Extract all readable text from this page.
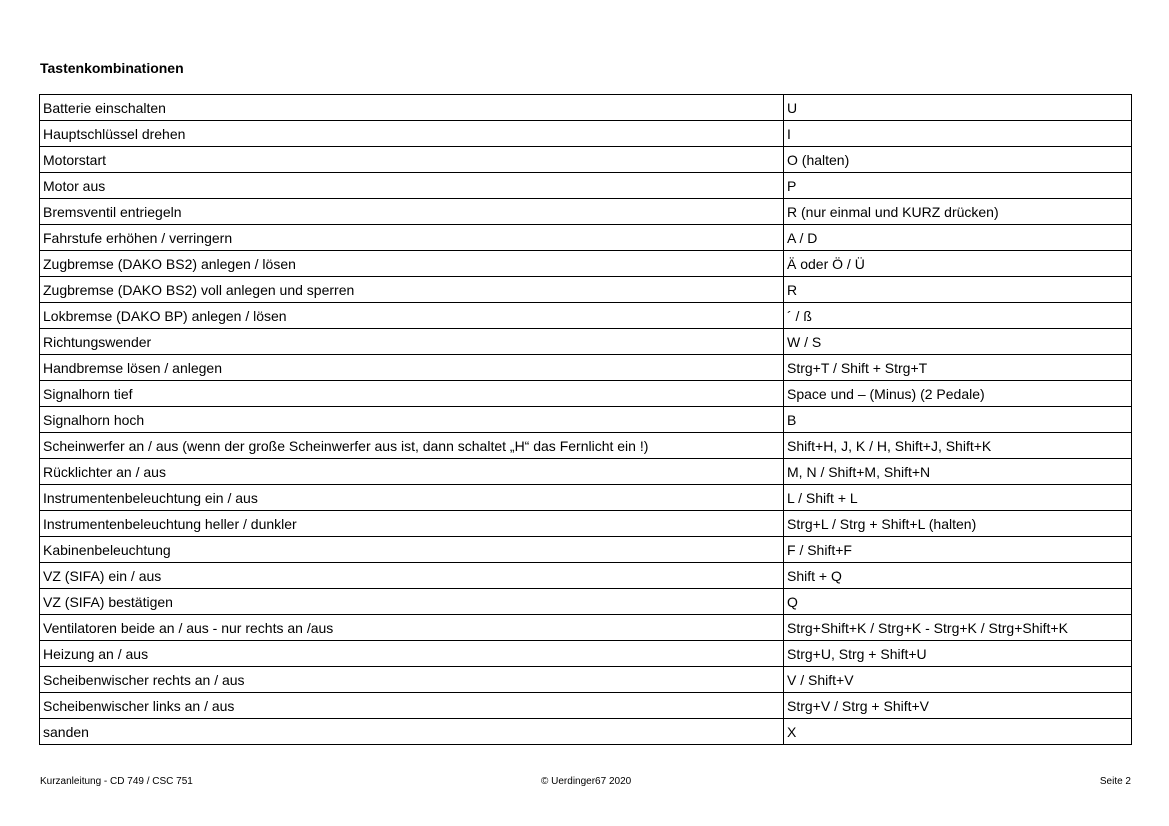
Tastenkombinationen
Batterie einschalten	U
Hauptschlüssel drehen	I
Motorstart	O (halten)
Motor aus	P
Bremsventil entriegeln	R (nur einmal und KURZ drücken)
Fahrstufe erhöhen / verringern	A / D
Zugbremse (DAKO BS2) anlegen / lösen	Ä oder Ö / Ü
Zugbremse (DAKO BS2) voll anlegen und sperren	R
Lokbremse (DAKO BP) anlegen / lösen	´ / ß
Richtungswender	W / S
Handbremse lösen / anlegen	Strg+T / Shift + Strg+T
Signalhorn tief	Space und – (Minus) (2 Pedale)
Signalhorn hoch	B
Scheinwerfer an / aus (wenn der große Scheinwerfer aus ist, dann schaltet „H“ das Fernlicht ein !)	Shift+H, J, K / H, Shift+J, Shift+K
Rücklichter an / aus	M, N / Shift+M, Shift+N
Instrumentenbeleuchtung ein / aus	L / Shift + L
Instrumentenbeleuchtung heller / dunkler	Strg+L / Strg + Shift+L (halten)
Kabinenbeleuchtung	F / Shift+F
VZ (SIFA) ein / aus	Shift + Q
VZ (SIFA) bestätigen	Q
Ventilatoren beide an / aus - nur rechts an /aus	Strg+Shift+K / Strg+K - Strg+K / Strg+Shift+K
Heizung an / aus	Strg+U, Strg + Shift+U
Scheibenwischer rechts an / aus	V / Shift+V
Scheibenwischer links an / aus	Strg+V / Strg + Shift+V
sanden	X
Kurzanleitung - CD 749 / CSC 751	© Uerdinger67 2020	Seite 2
